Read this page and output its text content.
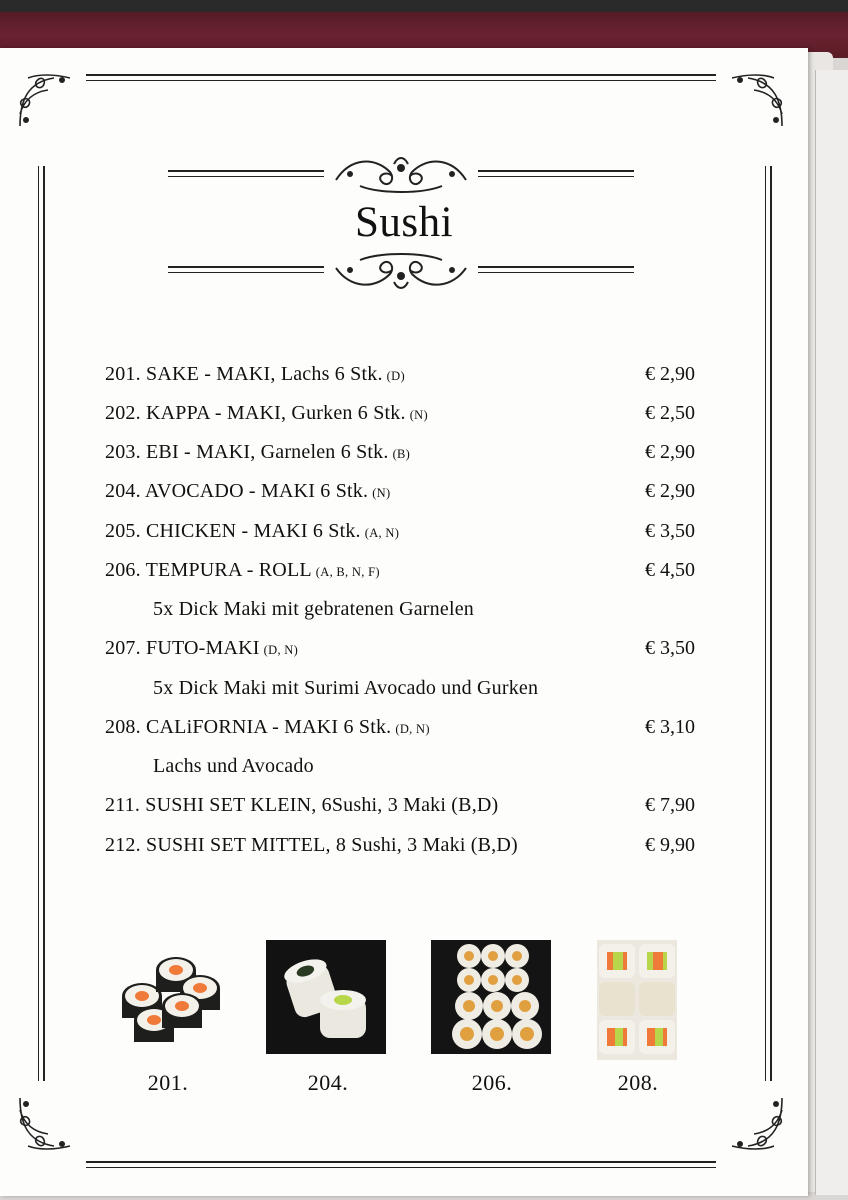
Sushi
201. SAKE - MAKI, Lachs 6 Stk. (D)	€ 2,90
202. KAPPA - MAKI, Gurken 6 Stk. (N)	€ 2,50
203. EBI - MAKI, Garnelen 6 Stk. (B)	€ 2,90
204. AVOCADO - MAKI 6 Stk. (N)	€ 2,90
205. CHICKEN - MAKI 6 Stk. (A, N)	€ 3,50
206. TEMPURA - ROLL (A, B, N, F)	€ 4,50
5x Dick Maki mit gebratenen Garnelen
207. FUTO-MAKI (D, N)	€ 3,50
5x Dick Maki mit Surimi Avocado und Gurken
208. CALiFORNIA - MAKI 6 Stk. (D, N)	€ 3,10
Lachs und Avocado
211. SUSHI SET KLEIN, 6Sushi, 3 Maki (B,D)	€ 7,90
212. SUSHI SET MITTEL, 8 Sushi, 3 Maki (B,D)	€ 9,90
201.	204.	206.	208.
